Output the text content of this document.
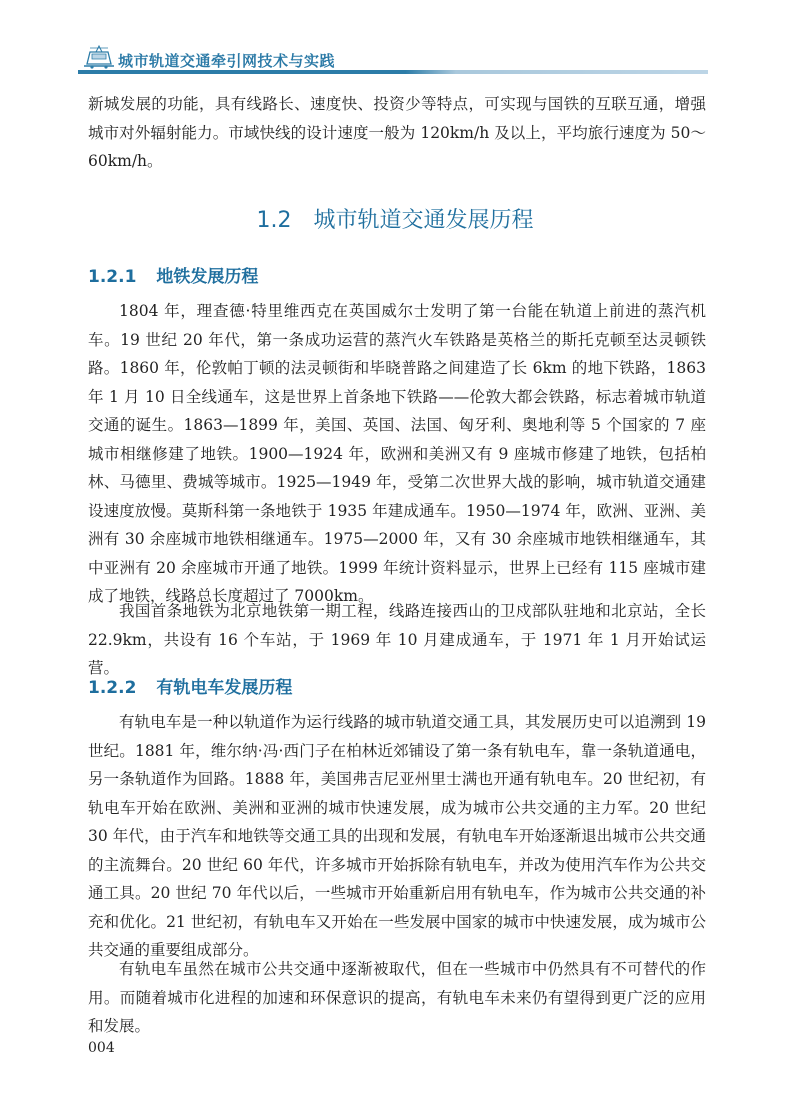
城市轨道交通牵引网技术与实践
新城发展的功能，具有线路长、速度快、投资少等特点，可实现与国铁的互联互通，增强城市对外辐射能力。市域快线的设计速度一般为 120km/h 及以上，平均旅行速度为 50～60km/h。
1.2 城市轨道交通发展历程
1.2.1 地铁发展历程
1804 年，理查德·特里维西克在英国威尔士发明了第一台能在轨道上前进的蒸汽机车。19 世纪 20 年代，第一条成功运营的蒸汽火车铁路是英格兰的斯托克顿至达灵顿铁路。1860 年，伦敦帕丁顿的法灵顿街和毕晓普路之间建造了长 6km 的地下铁路，1863 年 1 月 10 日全线通车，这是世界上首条地下铁路——伦敦大都会铁路，标志着城市轨道交通的诞生。1863—1899 年，美国、英国、法国、匈牙利、奥地利等 5 个国家的 7 座城市相继修建了地铁。1900—1924 年，欧洲和美洲又有 9 座城市修建了地铁，包括柏林、马德里、费城等城市。1925—1949 年，受第二次世界大战的影响，城市轨道交通建设速度放慢。莫斯科第一条地铁于 1935 年建成通车。1950—1974 年，欧洲、亚洲、美洲有 30 余座城市地铁相继通车。1975—2000 年，又有 30 余座城市地铁相继通车，其中亚洲有 20 余座城市开通了地铁。1999 年统计资料显示，世界上已经有 115 座城市建成了地铁，线路总长度超过了 7000km。
我国首条地铁为北京地铁第一期工程，线路连接西山的卫戍部队驻地和北京站，全长 22.9km，共设有 16 个车站，于 1969 年 10 月建成通车，于 1971 年 1 月开始试运营。
1.2.2 有轨电车发展历程
有轨电车是一种以轨道作为运行线路的城市轨道交通工具，其发展历史可以追溯到 19 世纪。1881 年，维尔纳·冯·西门子在柏林近郊铺设了第一条有轨电车，靠一条轨道通电，另一条轨道作为回路。1888 年，美国弗吉尼亚州里士满也开通有轨电车。20 世纪初，有轨电车开始在欧洲、美洲和亚洲的城市快速发展，成为城市公共交通的主力军。20 世纪 30 年代，由于汽车和地铁等交通工具的出现和发展，有轨电车开始逐渐退出城市公共交通的主流舞台。20 世纪 60 年代，许多城市开始拆除有轨电车，并改为使用汽车作为公共交通工具。20 世纪 70 年代以后，一些城市开始重新启用有轨电车，作为城市公共交通的补充和优化。21 世纪初，有轨电车又开始在一些发展中国家的城市中快速发展，成为城市公共交通的重要组成部分。
有轨电车虽然在城市公共交通中逐渐被取代，但在一些城市中仍然具有不可替代的作用。而随着城市化进程的加速和环保意识的提高，有轨电车未来仍有望得到更广泛的应用和发展。
004
